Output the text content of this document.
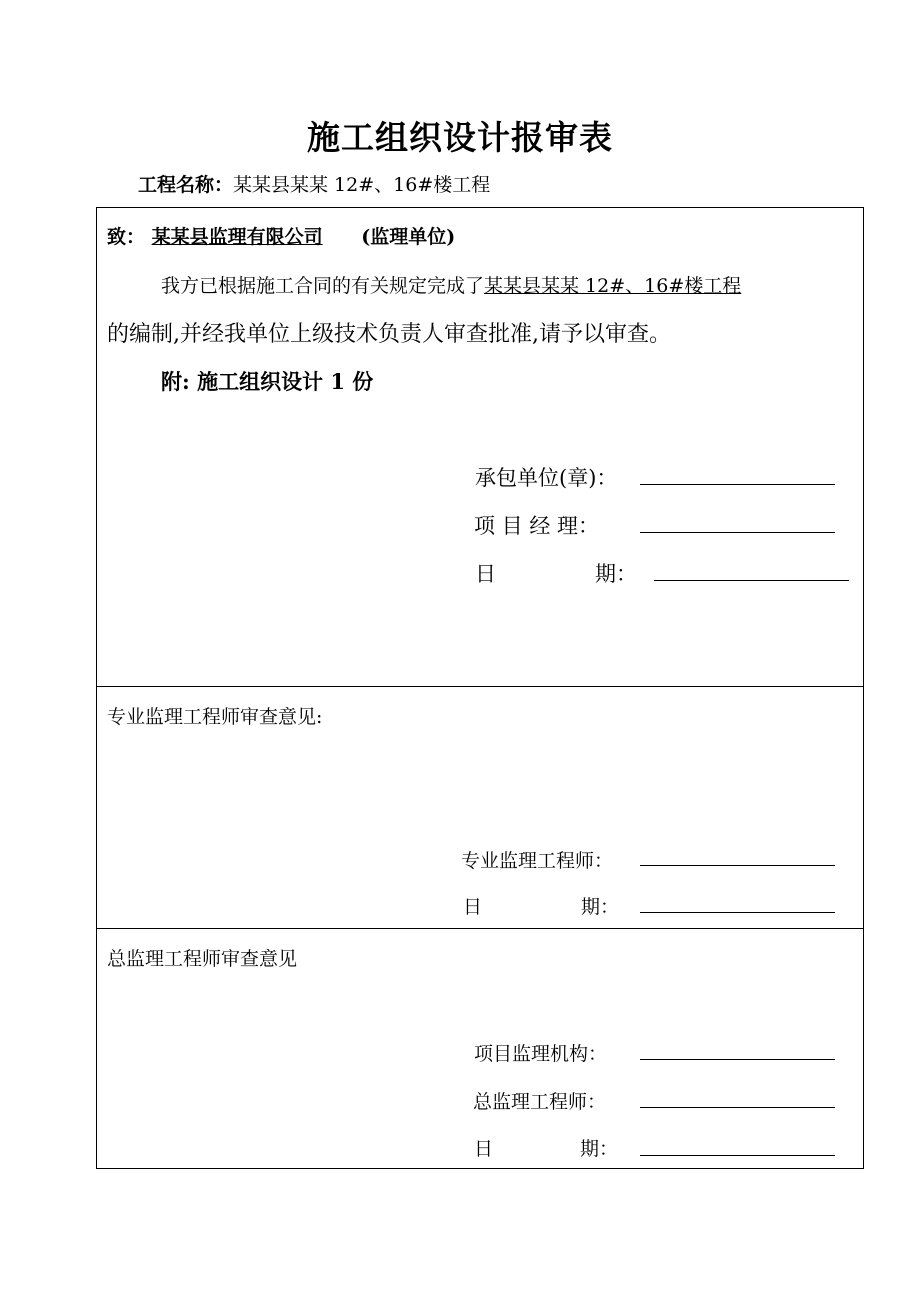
施工组织设计报审表
工程名称：某某县某某 12#、16#楼工程
致： 某某县监理有限公司 (监理单位)
我方已根据施工合同的有关规定完成了某某县某某 12#、16#楼工程
的编制,并经我单位上级技术负责人审查批准,请予以审查。
附: 施工组织设计 1 份
承包单位(章)：
项 目 经 理：
日	期：
专业监理工程师审查意见:
专业监理工程师：
日	期：
总监理工程师审查意见
项目监理机构：
总监理工程师：
日	期：
